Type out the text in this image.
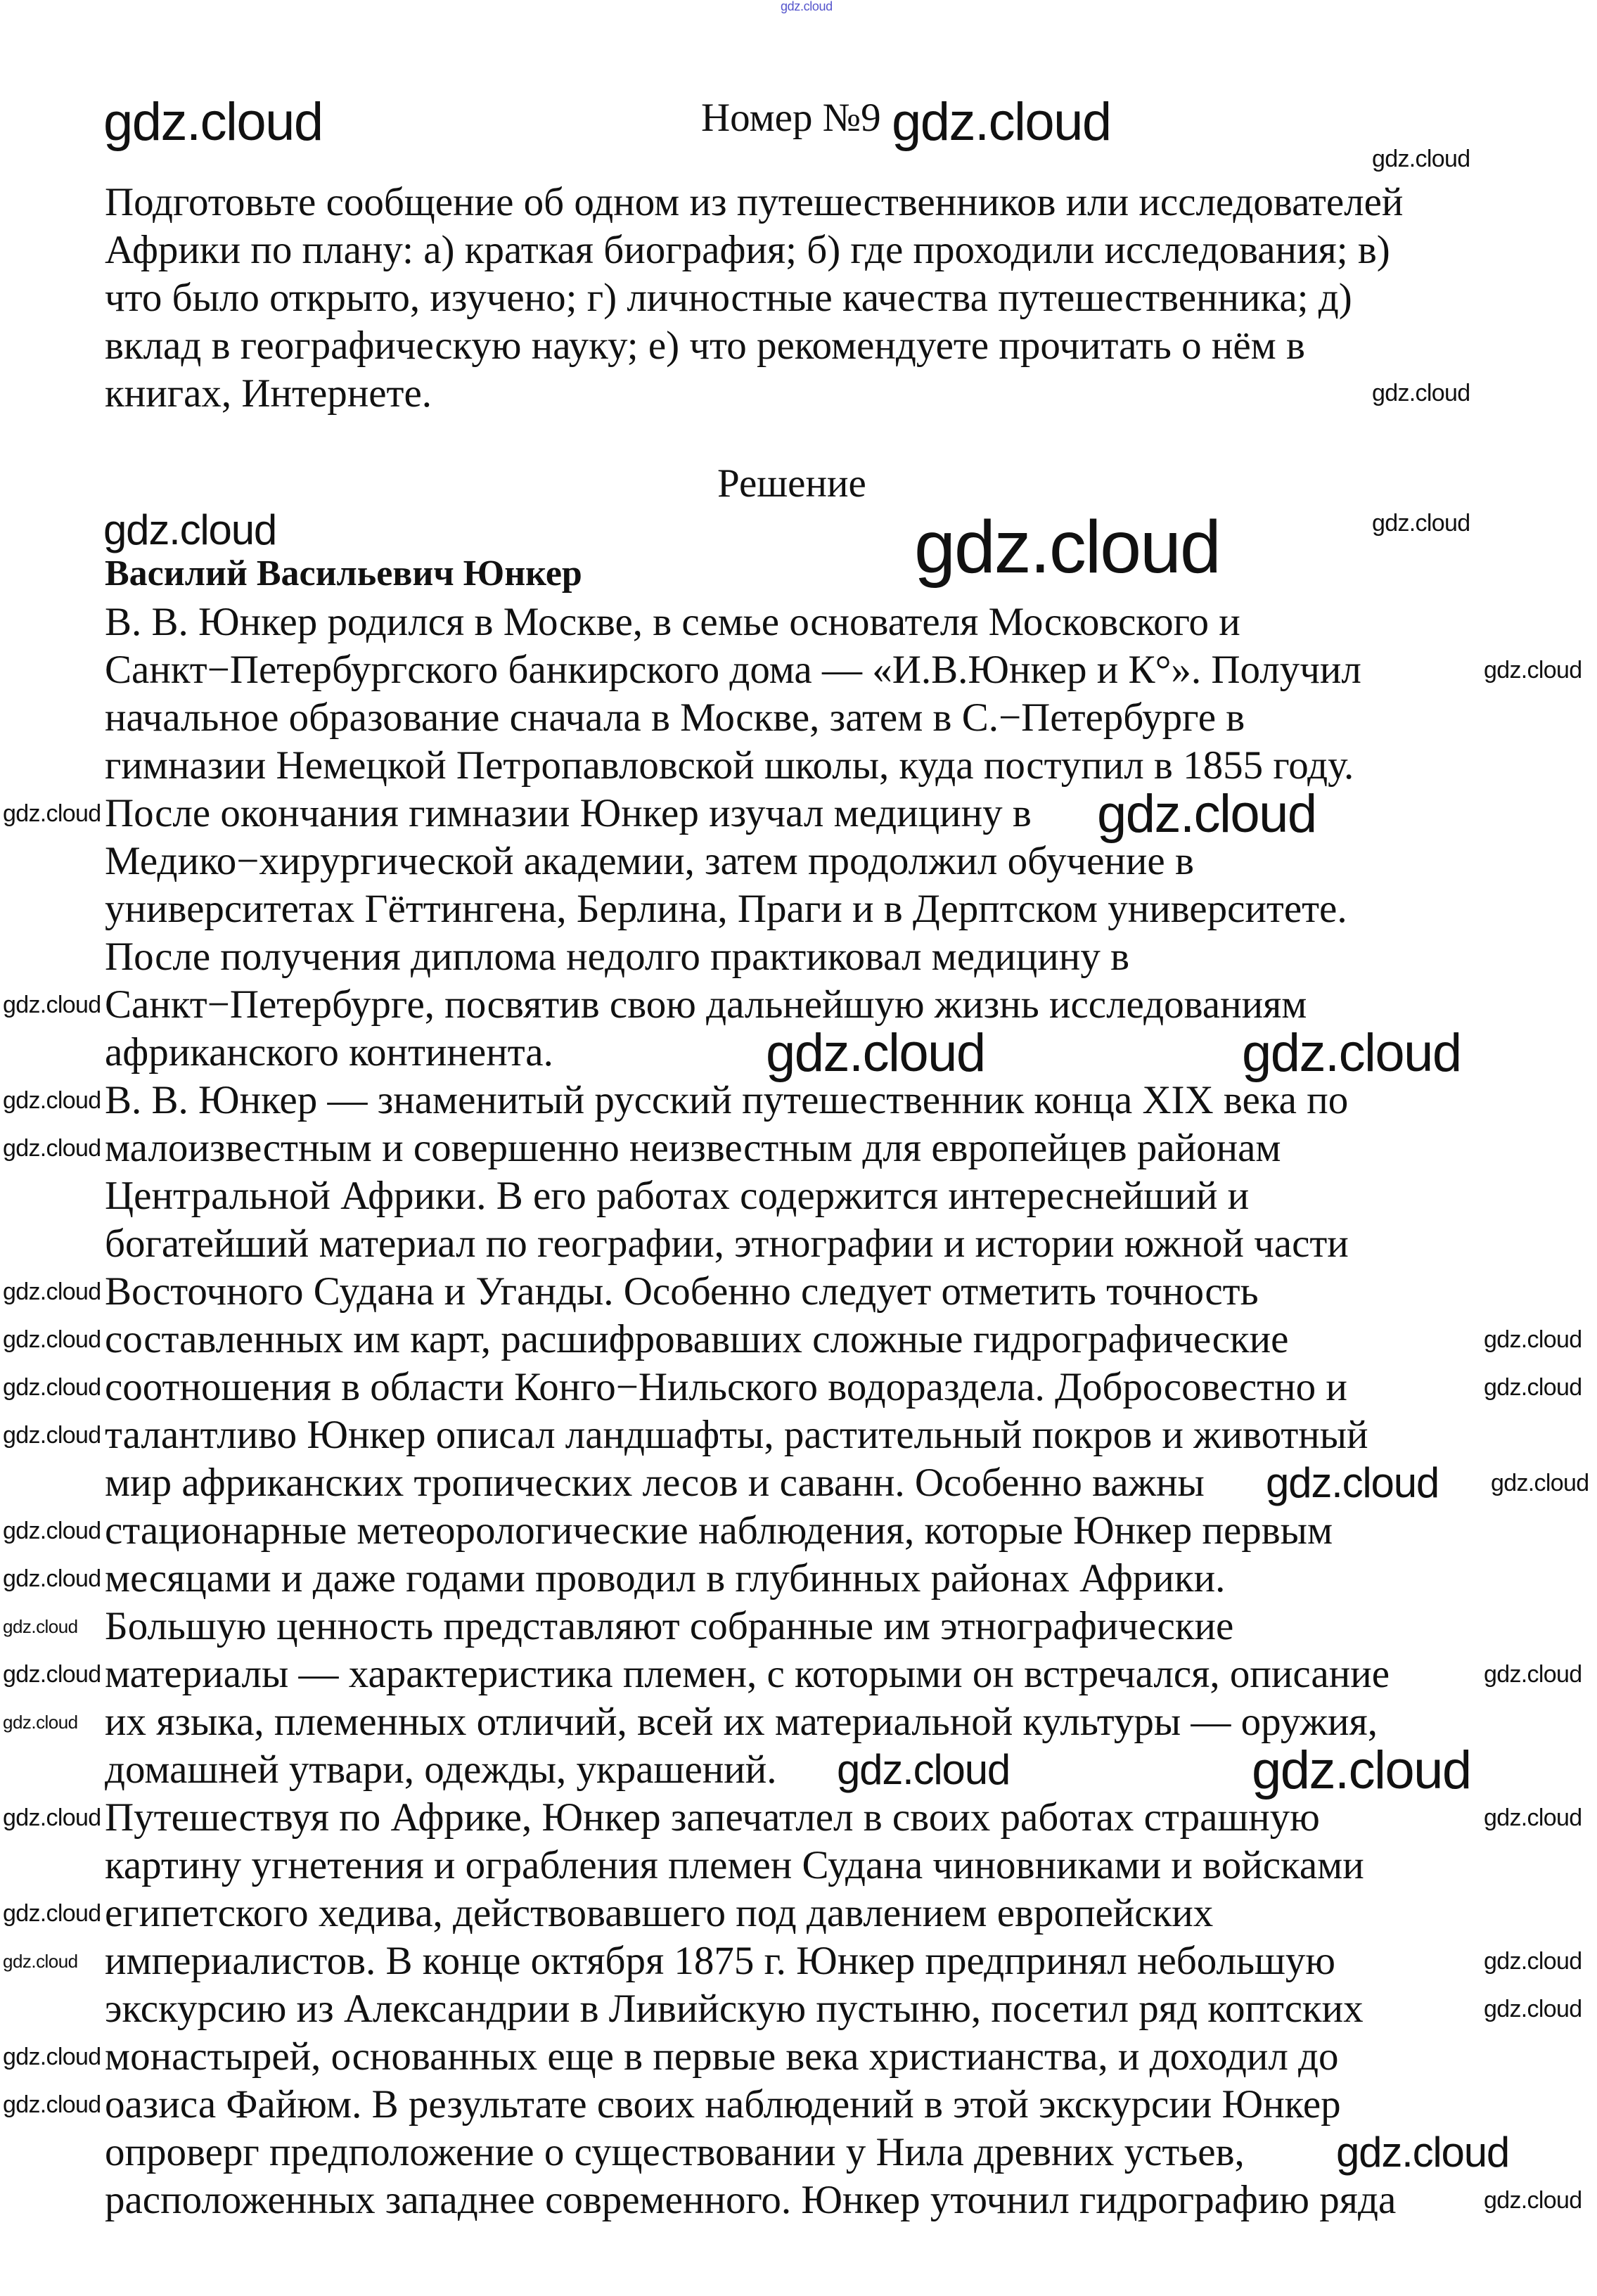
Номер №9
Подготовьте сообщение об одном из путешественников или исследователей
Африки по плану: а) краткая биография; б) где проходили исследования; в)
что было открыто, изучено; г) личностные качества путешественника; д)
вклад в географическую науку; е) что рекомендуете прочитать о нём в
книгах, Интернете.
Решение
Василий Васильевич Юнкер
В. В. Юнкер родился в Москве, в семье основателя Московского и
Санкт−Петербургского банкирского дома — «И.В.Юнкер и К°». Получил
начальное образование сначала в Москве, затем в С.−Петербурге в
гимназии Немецкой Петропавловской школы, куда поступил в 1855 году.
После окончания гимназии Юнкер изучал медицину в
Медико−хирургической академии, затем продолжил обучение в
университетах Гёттингена, Берлина, Праги и в Дерптском университете.
После получения диплома недолго практиковал медицину в
Санкт−Петербурге, посвятив свою дальнейшую жизнь исследованиям
африканского континента.
В. В. Юнкер — знаменитый русский путешественник конца XIX века по
малоизвестным и совершенно неизвестным для европейцев районам
Центральной Африки. В его работах содержится интереснейший и
богатейший материал по географии, этнографии и истории южной части
Восточного Судана и Уганды. Особенно следует отметить точность
составленных им карт, расшифровавших сложные гидрографические
соотношения в области Конго−Нильского водораздела. Добросовестно и
талантливо Юнкер описал ландшафты, растительный покров и животный
мир африканских тропических лесов и саванн. Особенно важны
стационарные метеорологические наблюдения, которые Юнкер первым
месяцами и даже годами проводил в глубинных районах Африки.
Большую ценность представляют собранные им этнографические
материалы — характеристика племен, с которыми он встречался, описание
их языка, племенных отличий, всей их материальной культуры — оружия,
домашней утвари, одежды, украшений.
Путешествуя по Африке, Юнкер запечатлел в своих работах страшную
картину угнетения и ограбления племен Судана чиновниками и войсками
египетского хедива, действовавшего под давлением европейских
империалистов. В конце октября 1875 г. Юнкер предпринял небольшую
экскурсию из Александрии в Ливийскую пустыню, посетил ряд коптских
монастырей, основанных еще в первые века христианства, и доходил до
оазиса Файюм. В результате своих наблюдений в этой экскурсии Юнкер
опроверг предположение о существовании у Нила древних устьев,
расположенных западнее современного. Юнкер уточнил гидрографию ряда
gdz.cloud
gdz.cloud	gdz.cloud
gdz.cloud
gdz.cloud
gdz.cloud	gdz.cloud
gdz.cloud
gdz.cloud
gdz.cloud	gdz.cloud
gdz.cloud
gdz.cloud	gdz.cloud
gdz.cloud
gdz.cloud
gdz.cloud
gdz.cloud	gdz.cloud
gdz.cloud
gdz.cloud
gdz.cloud
gdz.cloud gdz.cloud
gdz.cloud
gdz.cloud
gdz.cloud
gdz.cloud	gdz.cloud
gdz.cloud
gdz.cloud	gdz.cloud
gdz.cloud	gdz.cloud
gdz.cloud
gdz.cloud	gdz.cloud
gdz.cloud
gdz.cloud
gdz.cloud
gdz.cloud
gdz.cloud
